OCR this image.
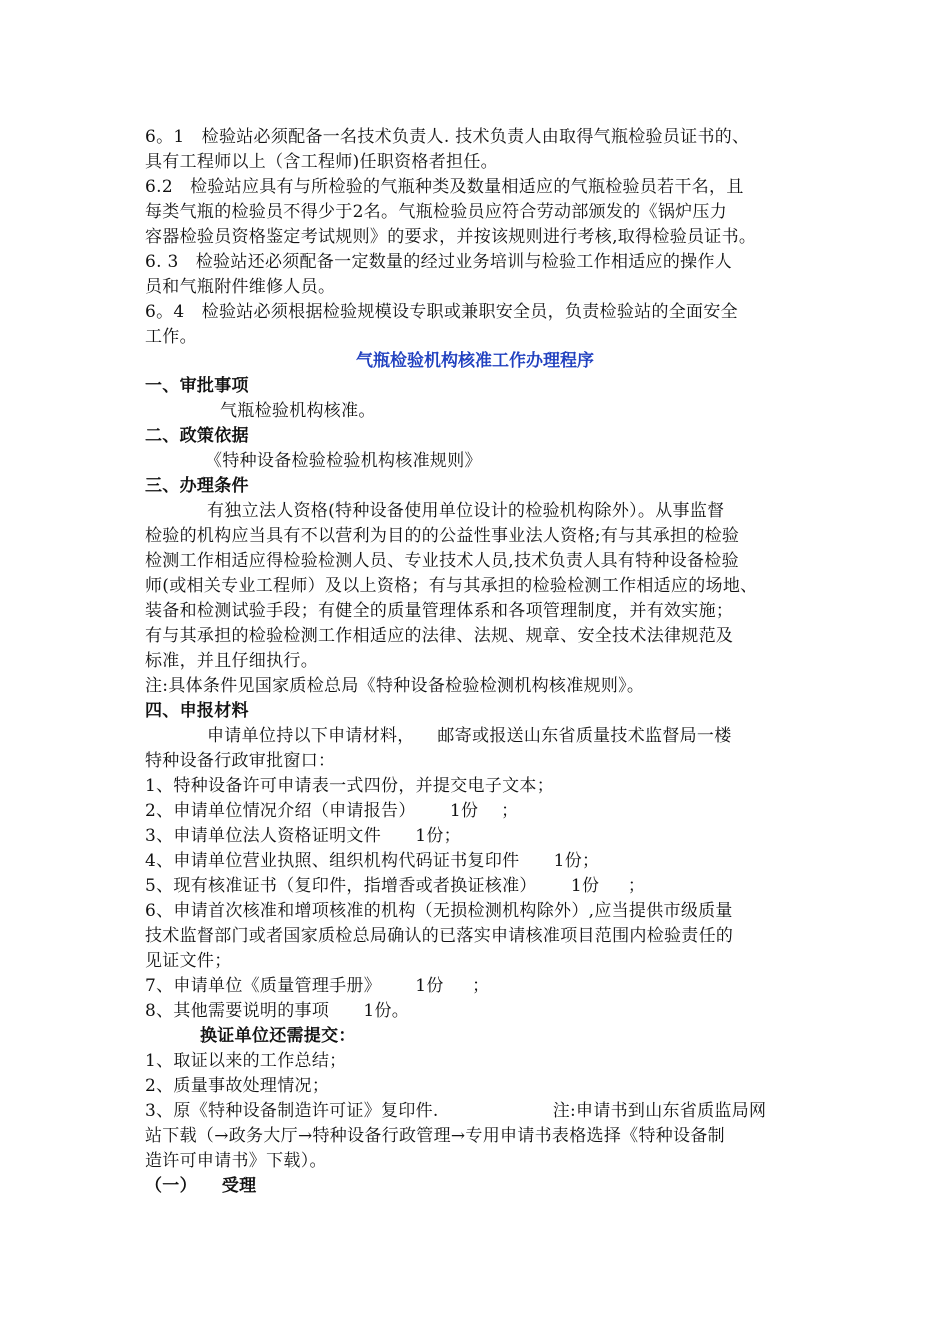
6。1   检验站必须配备一名技术负责人. 技术负责人由取得气瓶检验员证书的、
具有工程师以上（含工程师)任职资格者担任。
6.2   检验站应具有与所检验的气瓶种类及数量相适应的气瓶检验员若干名，且
每类气瓶的检验员不得少于2名。气瓶检验员应符合劳动部颁发的《锅炉压力
容器检验员资格鉴定考试规则》的要求，并按该规则进行考核,取得检验员证书。
6. 3   检验站还必须配备一定数量的经过业务培训与检验工作相适应的操作人
员和气瓶附件维修人员。
6。4   检验站必须根据检验规模设专职或兼职安全员，负责检验站的全面安全
工作。
气瓶检验机构核准工作办理程序
一、审批事项
气瓶检验机构核准。
二、政策依据
《特种设备检验检验机构核准规则》
三、办理条件
有独立法人资格(特种设备使用单位设计的检验机构除外）。从事监督
检验的机构应当具有不以营利为目的的公益性事业法人资格;有与其承担的检验
检测工作相适应得检验检测人员、专业技术人员,技术负责人具有特种设备检验
师(或相关专业工程师）及以上资格；有与其承担的检验检测工作相适应的场地、
装备和检测试验手段；有健全的质量管理体系和各项管理制度，并有效实施；
有与其承担的检验检测工作相适应的法律、法规、规章、安全技术法律规范及
标准，并且仔细执行。
注:具体条件见国家质检总局《特种设备检验检测机构核准规则》。
四、申报材料
申请单位持以下申请材料，    邮寄或报送山东省质量技术监督局一楼
特种设备行政审批窗口：
1、特种设备许可申请表一式四份，并提交电子文本；
2、申请单位情况介绍（申请报告）      1份    ；
3、申请单位法人资格证明文件      1份；
4、申请单位营业执照、组织机构代码证书复印件      1份；
5、现有核准证书（复印件，指增香或者换证核准）      1份     ；
6、申请首次核准和增项核准的机构（无损检测机构除外）,应当提供市级质量
技术监督部门或者国家质检总局确认的已落实申请核准项目范围内检验责任的
见证文件；
7、申请单位《质量管理手册》      1份     ；
8、其他需要说明的事项      1份。
换证单位还需提交：
1、取证以来的工作总结；
2、质量事故处理情况；
3、原《特种设备制造许可证》复印件.                    注:申请书到山东省质监局网
站下载（→政务大厅→特种设备行政管理→专用申请书表格选择《特种设备制
造许可申请书》下载）。
（一）    受理
